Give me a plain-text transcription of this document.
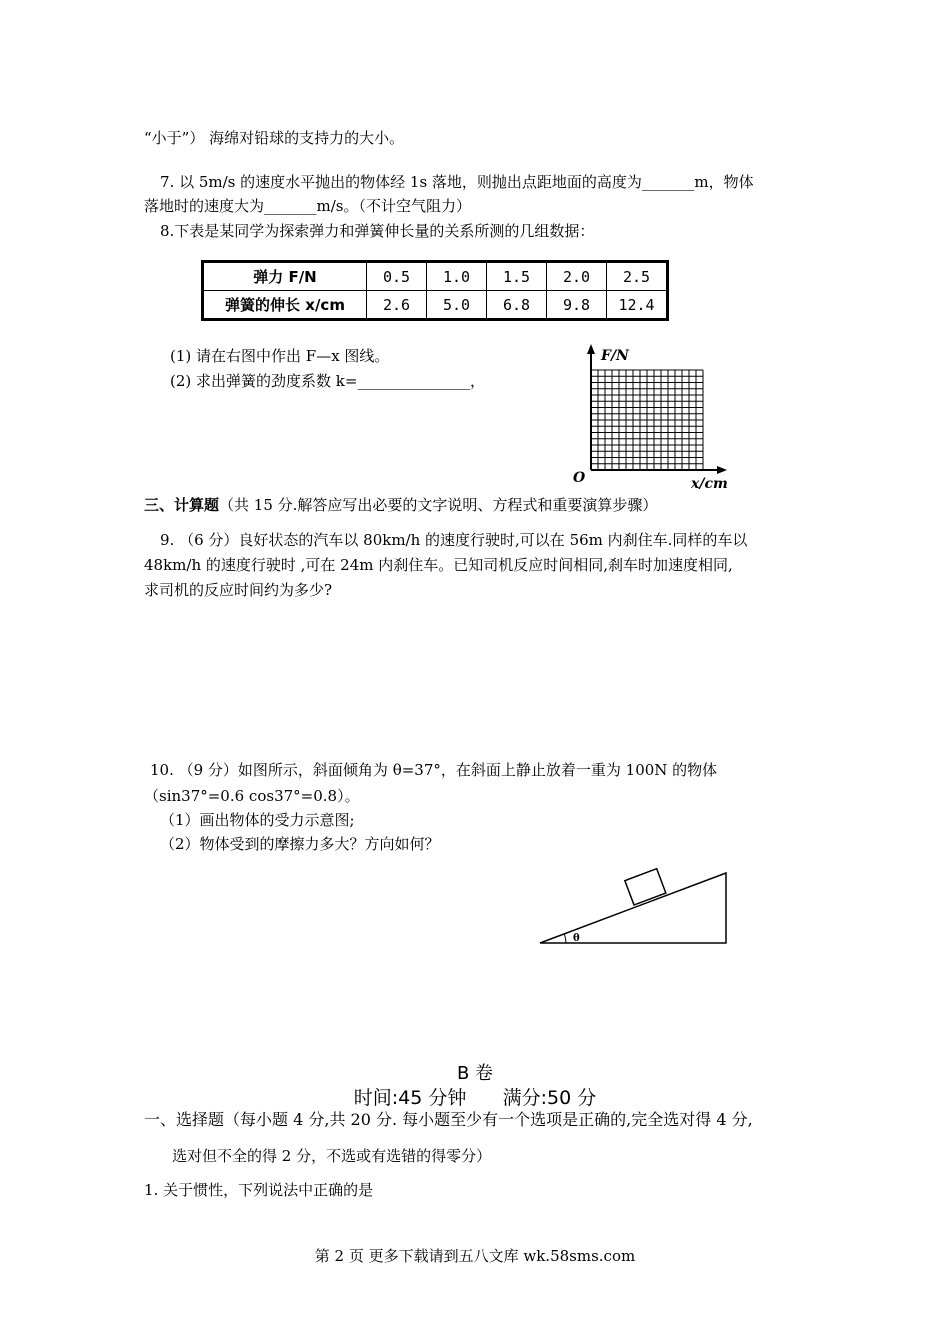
“小于”） 海绵对铅球的支持力的大小。
7. 以 5m/s 的速度水平抛出的物体经 1s 落地，则抛出点距地面的高度为_______m，物体
落地时的速度大为_______m/s。（不计空气阻力）
8.下表是某同学为探索弹力和弹簧伸长量的关系所测的几组数据：
弹力 F/N	0.5	1.0	1.5	2.0	2.5
弹簧的伸长 x/cm	2.6	5.0	6.8	9.8	12.4
(1) 请在右图中作出 F—x 图线。
(2) 求出弹簧的劲度系数 k=_______________，
F/N
x/cm
O
三、计算题（共 15 分.解答应写出必要的文字说明、方程式和重要演算步骤）
9. （6 分）良好状态的汽车以 80km/h 的速度行驶时,可以在 56m 内刹住车.同样的车以
48km/h 的速度行驶时 ,可在 24m 内刹住车。已知司机反应时间相同,刹车时加速度相同,
求司机的反应时间约为多少?
10. （9 分）如图所示，斜面倾角为 θ=37°，在斜面上静止放着一重为 100N 的物体
（sin37°=0.6 cos37°=0.8）。
（1）画出物体的受力示意图;
（2）物体受到的摩擦力多大？方向如何？
θ
B 卷
时间:45 分钟 满分:50 分
一、选择题（每小题 4 分,共 20 分. 每小题至少有一个选项是正确的,完全选对得 4 分,
选对但不全的得 2 分，不选或有选错的得零分）
1. 关于惯性，下列说法中正确的是
第 2 页 更多下载请到五八文库 wk.58sms.com
